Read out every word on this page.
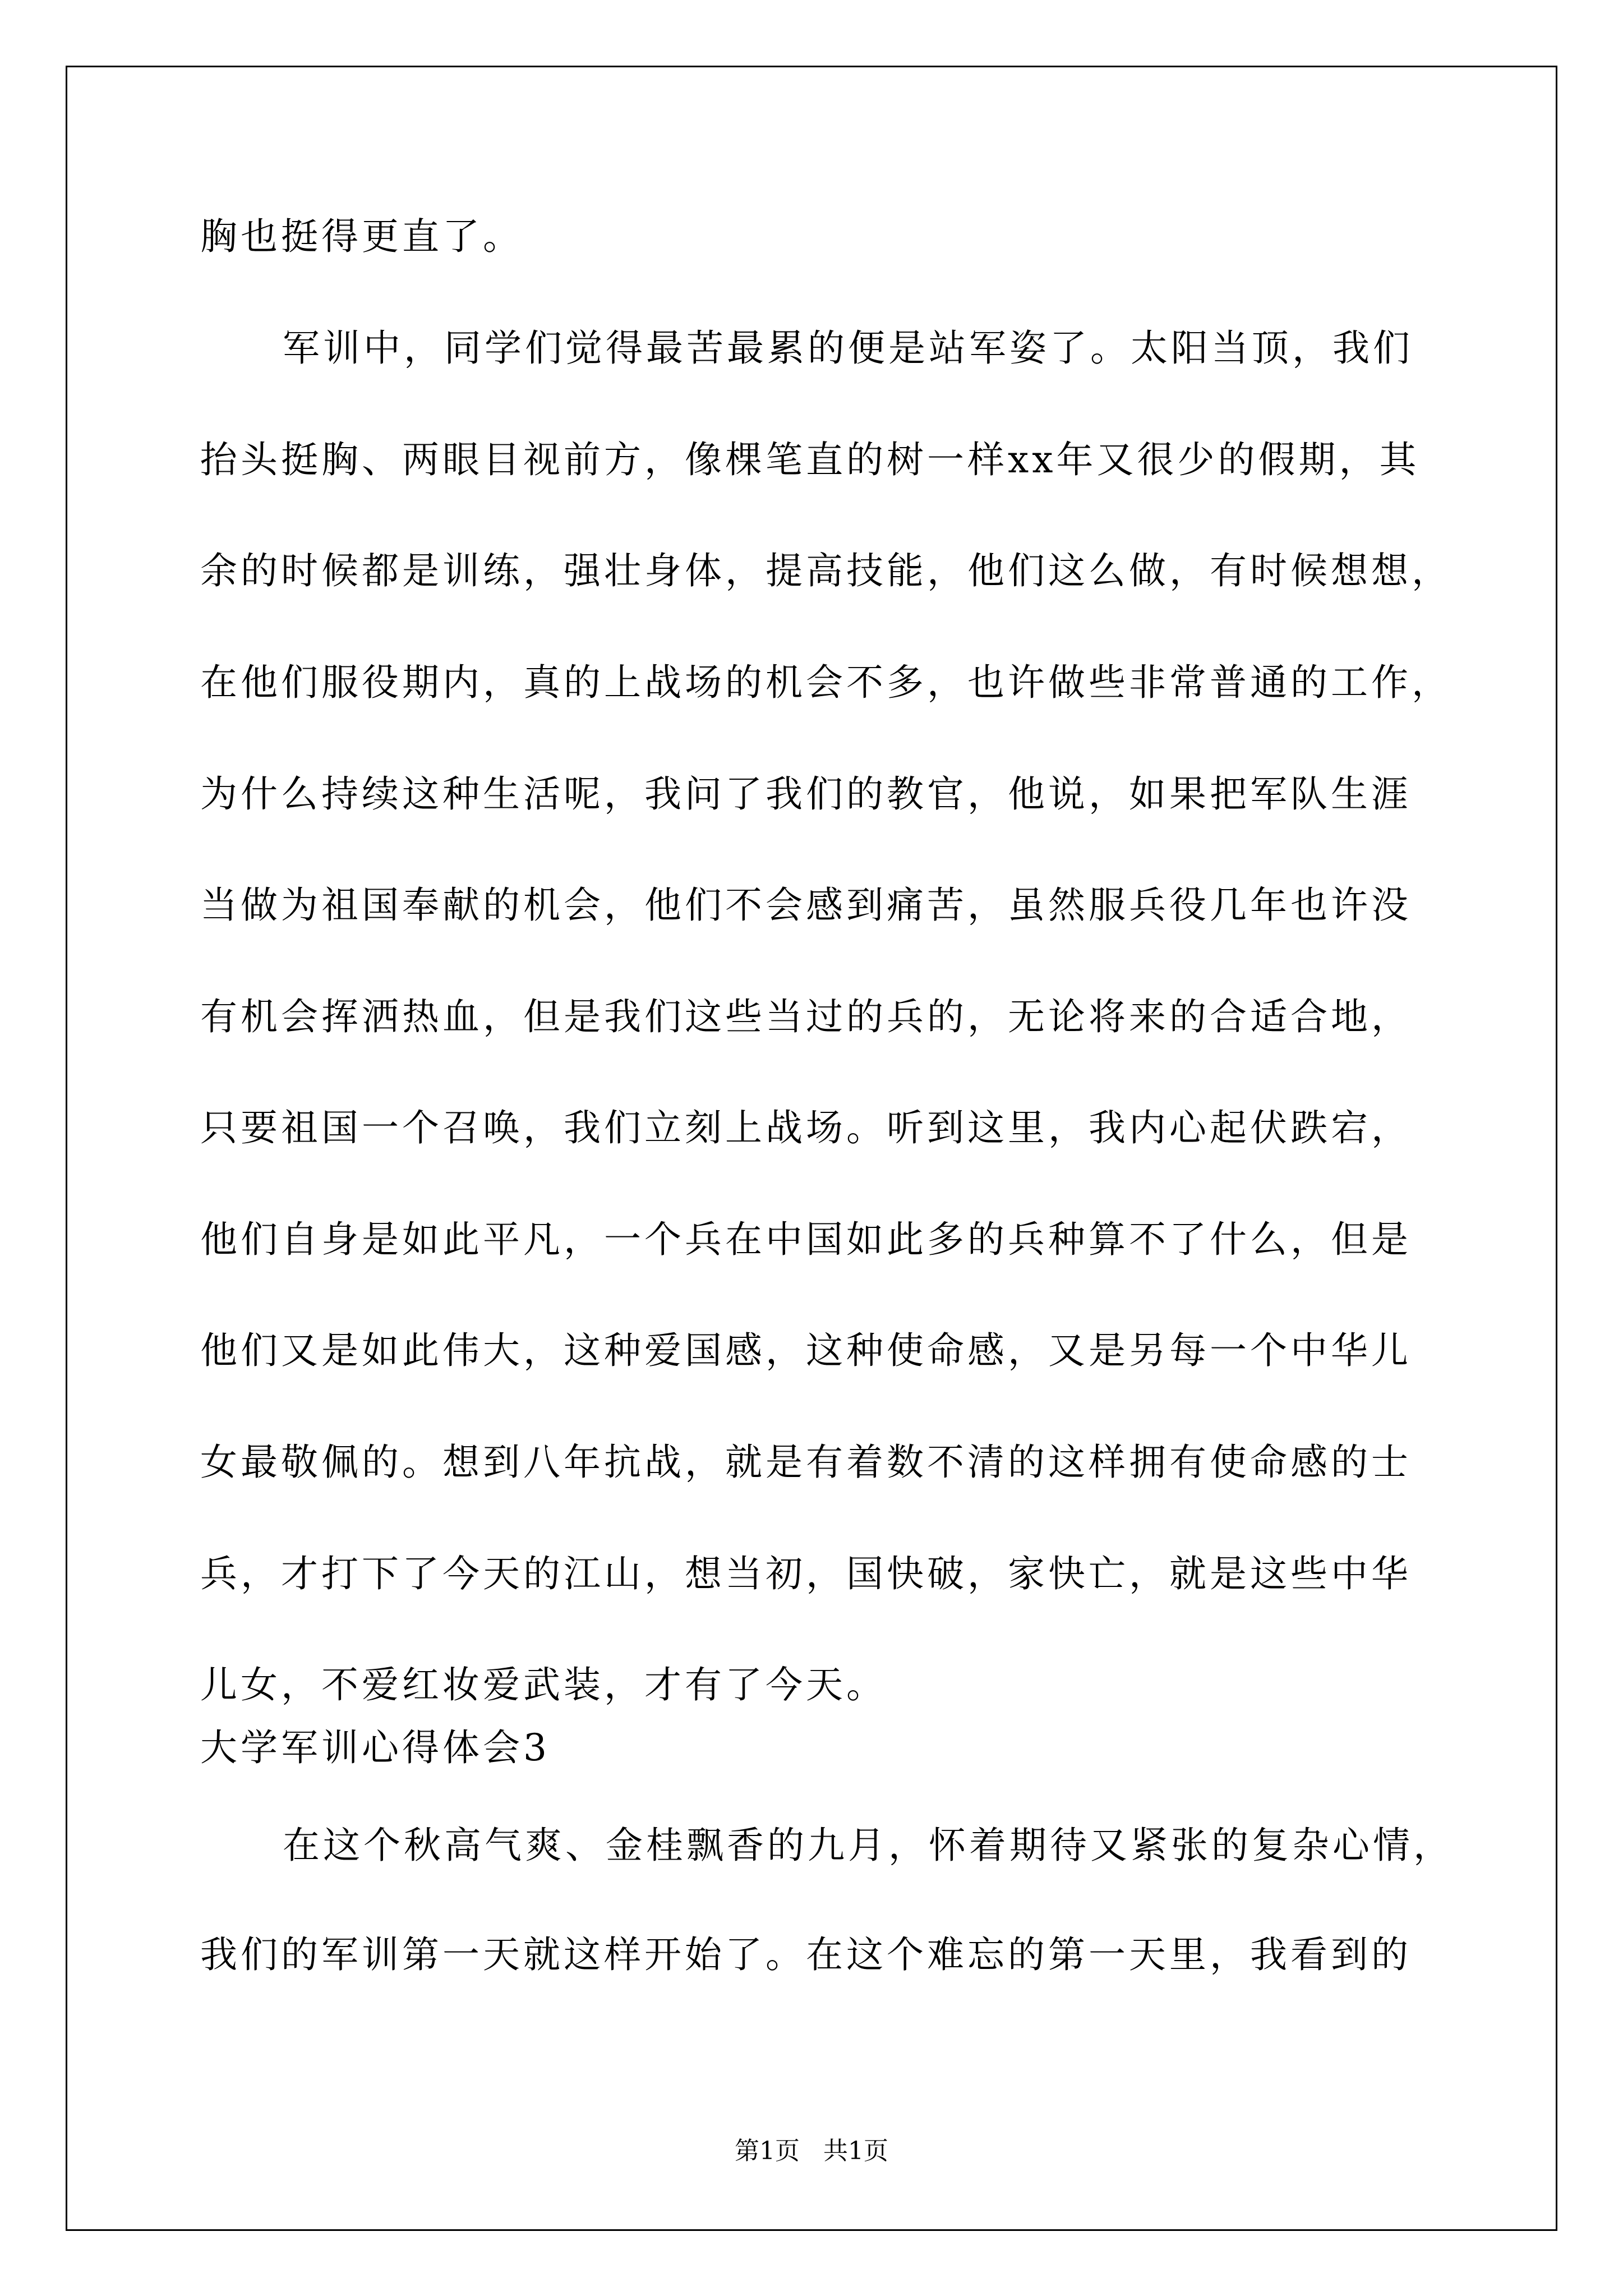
胸也挺得更直了。
军训中，同学们觉得最苦最累的便是站军姿了。太阳当顶，我们
抬头挺胸、两眼目视前方，像棵笔直的树一样xx年又很少的假期，其
余的时候都是训练，强壮身体，提高技能，他们这么做，有时候想想，
在他们服役期内，真的上战场的机会不多，也许做些非常普通的工作，
为什么持续这种生活呢，我问了我们的教官，他说，如果把军队生涯
当做为祖国奉献的机会，他们不会感到痛苦，虽然服兵役几年也许没
有机会挥洒热血，但是我们这些当过的兵的，无论将来的合适合地，
只要祖国一个召唤，我们立刻上战场。听到这里，我内心起伏跌宕，
他们自身是如此平凡，一个兵在中国如此多的兵种算不了什么，但是
他们又是如此伟大，这种爱国感，这种使命感，又是另每一个中华儿
女最敬佩的。想到八年抗战，就是有着数不清的这样拥有使命感的士
兵，才打下了今天的江山，想当初，国快破，家快亡，就是这些中华
儿女，不爱红妆爱武装，才有了今天。
大学军训心得体会3
在这个秋高气爽、金桂飘香的九月，怀着期待又紧张的复杂心情，
我们的军训第一天就这样开始了。在这个难忘的第一天里，我看到的
第1页   共1页
